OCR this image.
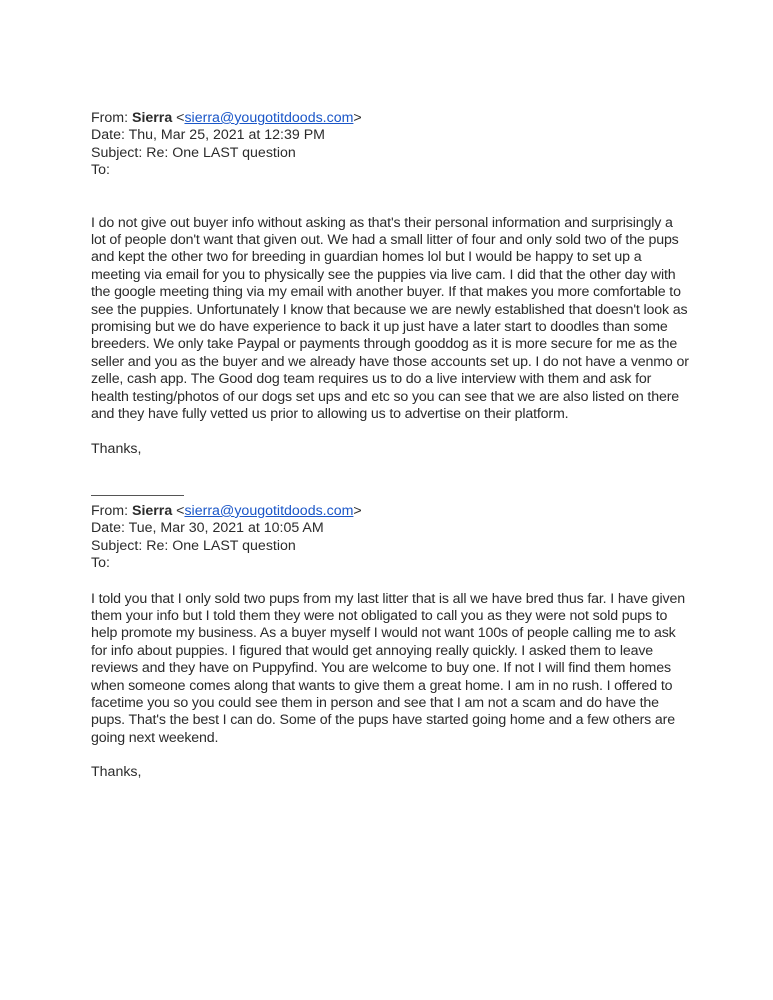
From: Sierra <sierra@yougotitdoods.com>
Date: Thu, Mar 25, 2021 at 12:39 PM
Subject: Re: One LAST question
To:

I do not give out buyer info without asking as that's their personal information and surprisingly a lot of people don't want that given out. We had a small litter of four and only sold two of the pups and kept the other two for breeding in guardian homes lol but I would be happy to set up a meeting via email for you to physically see the puppies via live cam. I did that the other day with the google meeting thing via my email with another buyer. If that makes you more comfortable to see the puppies. Unfortunately I know that because we are newly established that doesn't look as promising but we do have experience to back it up just have a later start to doodles than some breeders. We only take Paypal or payments through gooddog as it is more secure for me as the seller and you as the buyer and we already have those accounts set up. I do not have a venmo or zelle, cash app. The Good dog team requires us to do a live interview with them and ask for health testing/photos of our dogs set ups and etc so you can see that we are also listed on there and they have fully vetted us prior to allowing us to advertise on their platform.

Thanks,
From: Sierra <sierra@yougotitdoods.com>
Date: Tue, Mar 30, 2021 at 10:05 AM
Subject: Re: One LAST question
To:

I told you that I only sold two pups from my last litter that is all we have bred thus far. I have given them your info but I told them they were not obligated to call you as they were not sold pups to help promote my business. As a buyer myself I would not want 100s of people calling me to ask for info about puppies. I figured that would get annoying really quickly. I asked them to leave reviews and they have on Puppyfind. You are welcome to buy one. If not I will find them homes when someone comes along that wants to give them a great home. I am in no rush. I offered to facetime you so you could see them in person and see that I am not a scam and do have the pups. That's the best I can do. Some of the pups have started going home and a few others are going next weekend.

Thanks,
